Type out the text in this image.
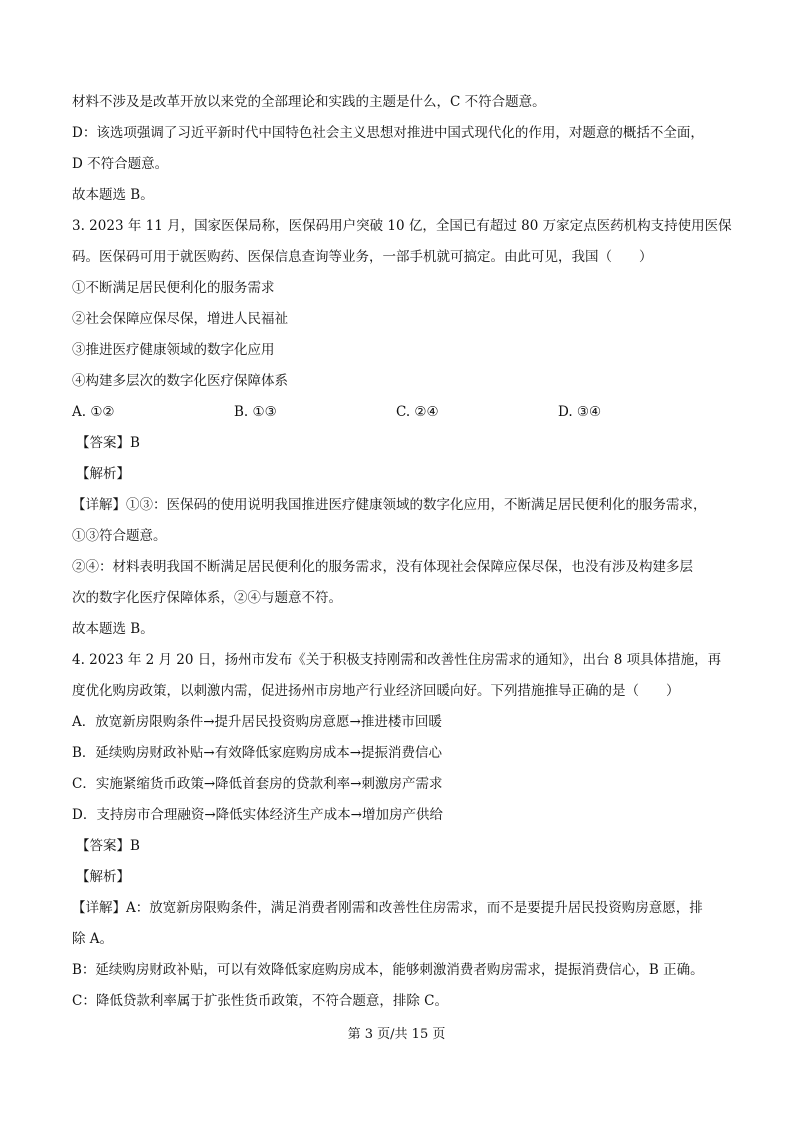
材料不涉及是改革开放以来党的全部理论和实践的主题是什么，C 不符合题意。

D：该选项强调了习近平新时代中国特色社会主义思想对推进中国式现代化的作用，对题意的概括不全面，

D 不符合题意。

故本题选 B。

3. 2023 年 11 月，国家医保局称，医保码用户突破 10 亿，全国已有超过 80 万家定点医药机构支持使用医保

码。医保码可用于就医购药、医保信息查询等业务，一部手机就可搞定。由此可见，我国（　　）

①不断满足居民便利化的服务需求

②社会保障应保尽保，增进人民福祉

③推进医疗健康领域的数字化应用

④构建多层次的数字化医疗保障体系

A. ①②	B. ①③	C. ②④	D. ③④

【答案】B

【解析】

【详解】①③：医保码的使用说明我国推进医疗健康领域的数字化应用，不断满足居民便利化的服务需求，

①③符合题意。

②④：材料表明我国不断满足居民便利化的服务需求，没有体现社会保障应保尽保，也没有涉及构建多层

次的数字化医疗保障体系，②④与题意不符。

故本题选 B。

4. 2023 年 2 月 20 日，扬州市发布《关于积极支持刚需和改善性住房需求的通知》，出台 8 项具体措施，再

度优化购房政策，以刺激内需，促进扬州市房地产行业经济回暖向好。下列措施推导正确的是（　　）

A．放宽新房限购条件→提升居民投资购房意愿→推进楼市回暖

B．延续购房财政补贴→有效降低家庭购房成本→提振消费信心

C．实施紧缩货币政策→降低首套房的贷款利率→刺激房产需求

D．支持房市合理融资→降低实体经济生产成本→增加房产供给

【答案】B

【解析】

【详解】A：放宽新房限购条件，满足消费者刚需和改善性住房需求，而不是要提升居民投资购房意愿，排

除 A。

B：延续购房财政补贴，可以有效降低家庭购房成本，能够刺激消费者购房需求，提振消费信心，B 正确。

C：降低贷款利率属于扩张性货币政策，不符合题意，排除 C。

第 3 页/共 15 页
